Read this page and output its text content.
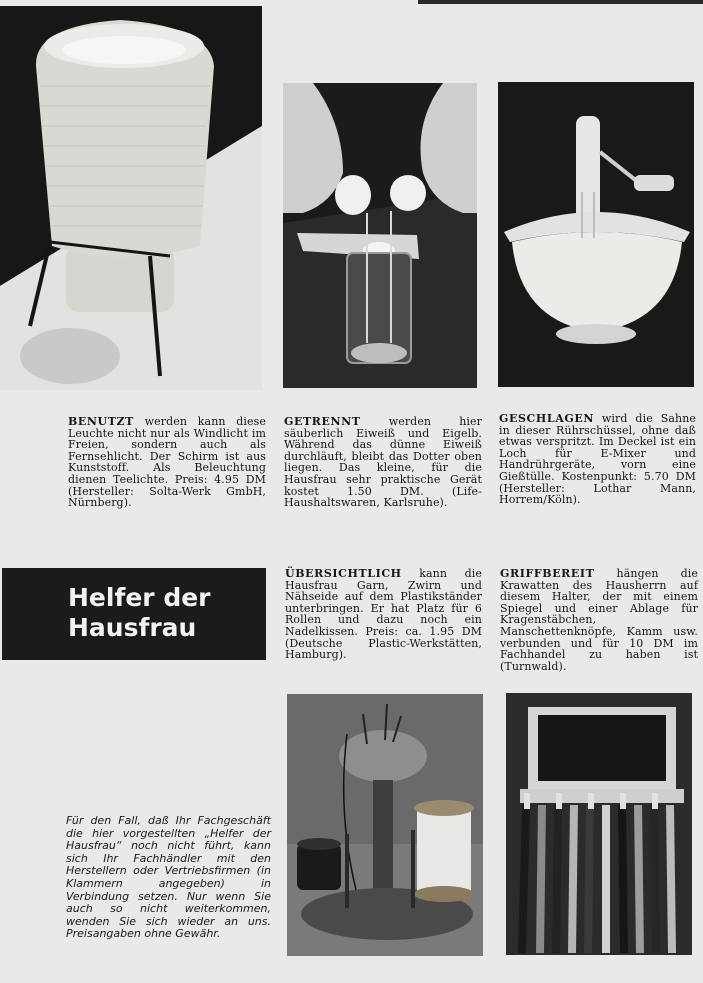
BENUTZT werden kann diese Leuchte nicht nur als Windlicht im Freien, sondern auch als Fernsehlicht. Der Schirm ist aus Kunststoff. Als Beleuchtung dienen Teelichte. Preis: 4.95 DM (Hersteller: Solta-Werk GmbH, Nürnberg).
GETRENNT werden hier säuberlich Eiweiß und Eigelb. Während das dünne Eiweiß durchläuft, bleibt das Dotter oben liegen. Das kleine, für die Hausfrau sehr praktische Gerät kostet 1.50 DM. (Life-Haushaltswaren, Karlsruhe).
GESCHLAGEN wird die Sahne in dieser Rührschüssel, ohne daß etwas verspritzt. Im Deckel ist ein Loch für E-Mixer und Handrührgeräte, vorn eine Gießtülle. Kostenpunkt: 5.70 DM (Hersteller: Lothar Mann, Horrem/Köln).
Helfer der
Hausfrau
ÜBERSICHTLICH kann die Hausfrau Garn, Zwirn und Nähseide auf dem Plastikständer unterbringen. Er hat Platz für 6 Rollen und dazu noch ein Nadelkissen. Preis: ca. 1.95 DM (Deutsche Plastic-Werkstätten, Hamburg).
GRIFFBEREIT hängen die Krawatten des Hausherrn auf diesem Halter, der mit einem Spiegel und einer Ablage für Kragenstäbchen, Manschettenknöpfe, Kamm usw. verbunden und für 10 DM im Fachhandel zu haben ist (Turnwald).
Für den Fall, daß Ihr Fachgeschäft die hier vorgestellten „Helfer der Hausfrau“ noch nicht führt, kann sich Ihr Fachhändler mit den Herstellern oder Vertriebsfirmen (in Klammern angegeben) in Verbindung setzen. Nur wenn Sie auch so nicht weiterkommen, wenden Sie sich wieder an uns. Preisangaben ohne Gewähr.
